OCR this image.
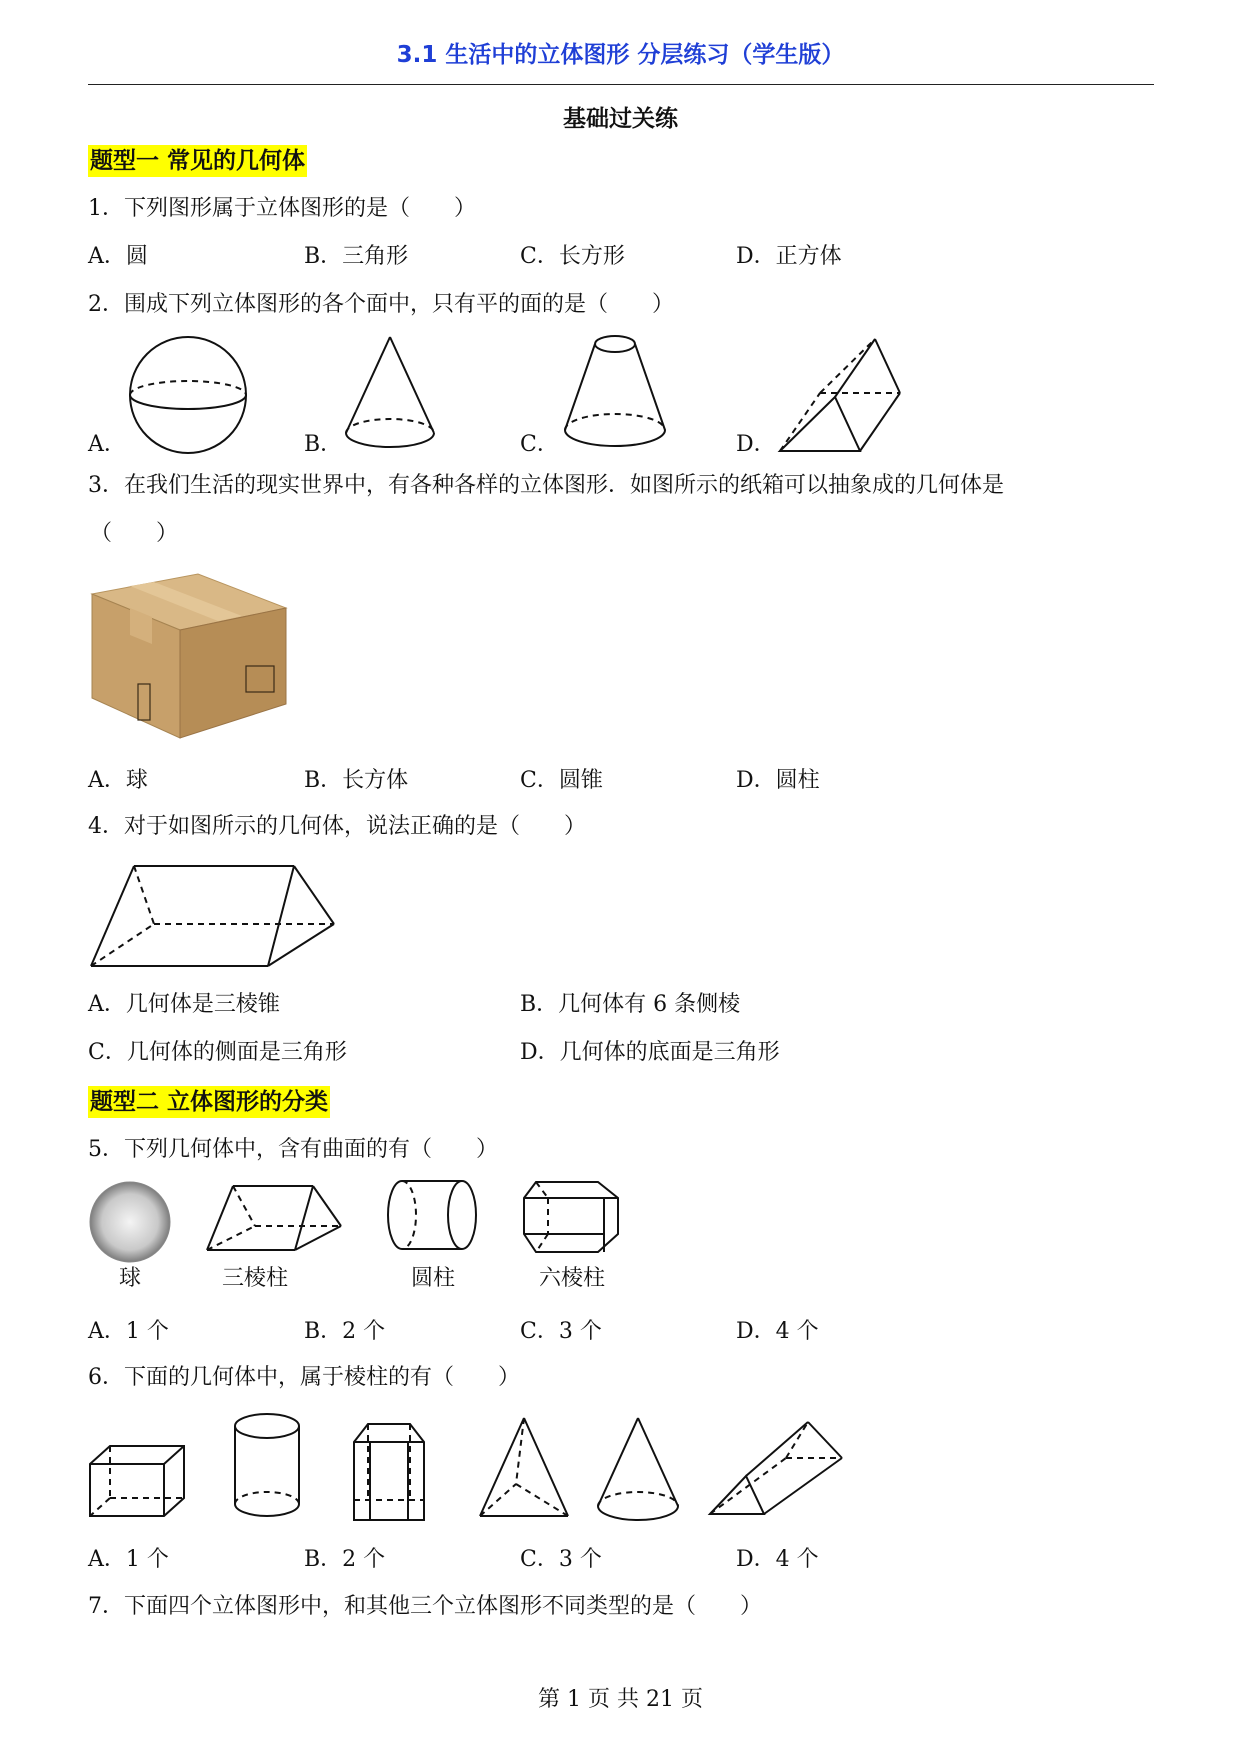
3.1 生活中的立体图形 分层练习（学生版）
基础过关练
题型一 常见的几何体
1．下列图形属于立体图形的是（　　）
A．圆	B．三角形	C．长方形	D．正方体
2．围成下列立体图形的各个面中，只有平的面的是（　　）
A．	B．	C．	D．
3．在我们生活的现实世界中，有各种各样的立体图形．如图所示的纸箱可以抽象成的几何体是
（　　）
A．球	B．长方体	C．圆锥	D．圆柱
4．对于如图所示的几何体，说法正确的是（　　）
A．几何体是三棱锥	B．几何体有 6 条侧棱
C．几何体的侧面是三角形	D．几何体的底面是三角形
题型二 立体图形的分类
5．下列几何体中，含有曲面的有（　　）
球	三棱柱	圆柱	六棱柱
A．1 个	B．2 个	C．3 个	D．4 个
6．下面的几何体中，属于棱柱的有（　　）
A．1 个	B．2 个	C．3 个	D．4 个
7．下面四个立体图形中，和其他三个立体图形不同类型的是（　　）
第 1 页 共 21 页
